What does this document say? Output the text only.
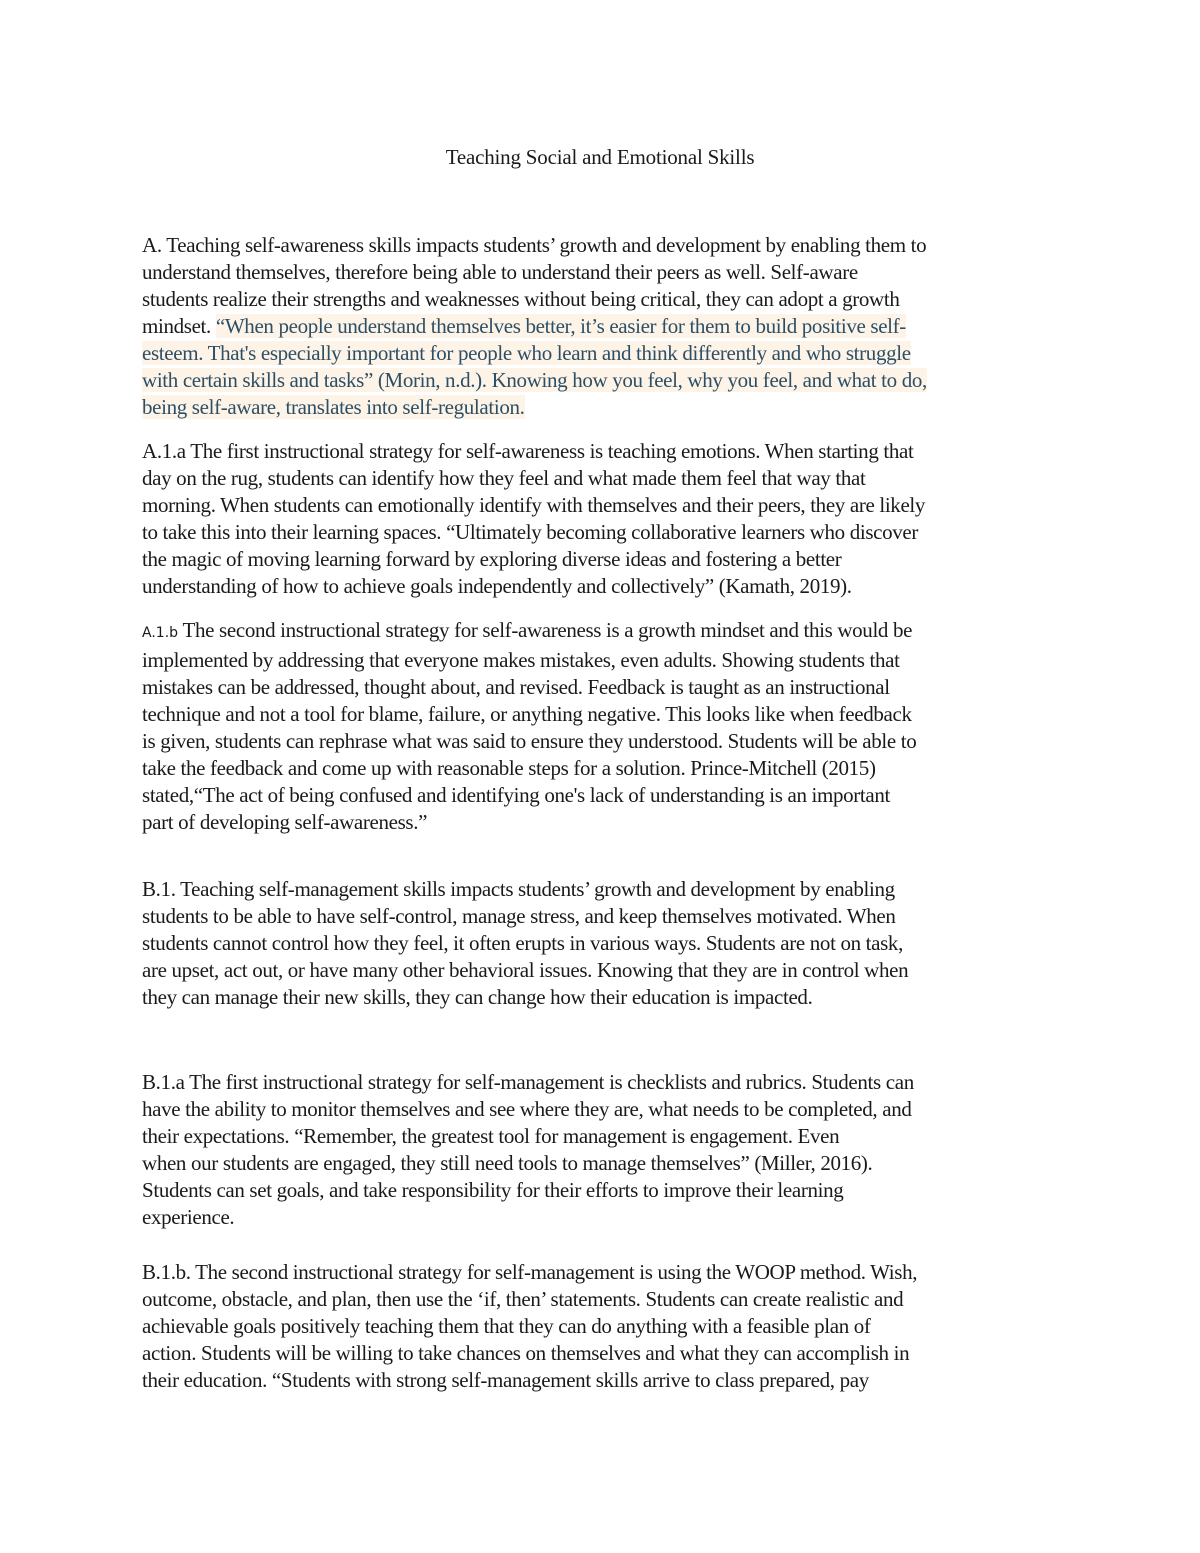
Teaching Social and Emotional Skills
A. Teaching self-awareness skills impacts students’ growth and development by enabling them to
understand themselves, therefore being able to understand their peers as well. Self-aware
students realize their strengths and weaknesses without being critical, they can adopt a growth
mindset. “When people understand themselves better, it’s easier for them to build positive self-
esteem. That's especially important for people who learn and think differently and who struggle
with certain skills and tasks” (Morin, n.d.). Knowing how you feel, why you feel, and what to do,
being self-aware, translates into self-regulation.
A.1.a The first instructional strategy for self-awareness is teaching emotions. When starting that
day on the rug, students can identify how they feel and what made them feel that way that
morning. When students can emotionally identify with themselves and their peers, they are likely
to take this into their learning spaces. “Ultimately becoming collaborative learners who discover
the magic of moving learning forward by exploring diverse ideas and fostering a better
understanding of how to achieve goals independently and collectively” (Kamath, 2019).
A.1.b The second instructional strategy for self-awareness is a growth mindset and this would be
implemented by addressing that everyone makes mistakes, even adults. Showing students that
mistakes can be addressed, thought about, and revised. Feedback is taught as an instructional
technique and not a tool for blame, failure, or anything negative. This looks like when feedback
is given, students can rephrase what was said to ensure they understood. Students will be able to
take the feedback and come up with reasonable steps for a solution. Prince-Mitchell (2015)
stated,“The act of being confused and identifying one's lack of understanding is an important
part of developing self-awareness.”
B.1. Teaching self-management skills impacts students’ growth and development by enabling
students to be able to have self-control, manage stress, and keep themselves motivated. When
students cannot control how they feel, it often erupts in various ways. Students are not on task,
are upset, act out, or have many other behavioral issues. Knowing that they are in control when
they can manage their new skills, they can change how their education is impacted.
B.1.a The first instructional strategy for self-management is checklists and rubrics. Students can
have the ability to monitor themselves and see where they are, what needs to be completed, and
their expectations. “Remember, the greatest tool for management is engagement. Even
when our students are engaged, they still need tools to manage themselves” (Miller, 2016).
Students can set goals, and take responsibility for their efforts to improve their learning
experience.
B.1.b. The second instructional strategy for self-management is using the WOOP method. Wish,
outcome, obstacle, and plan, then use the ‘if, then’ statements. Students can create realistic and
achievable goals positively teaching them that they can do anything with a feasible plan of
action. Students will be willing to take chances on themselves and what they can accomplish in
their education. “Students with strong self-management skills arrive to class prepared, pay
